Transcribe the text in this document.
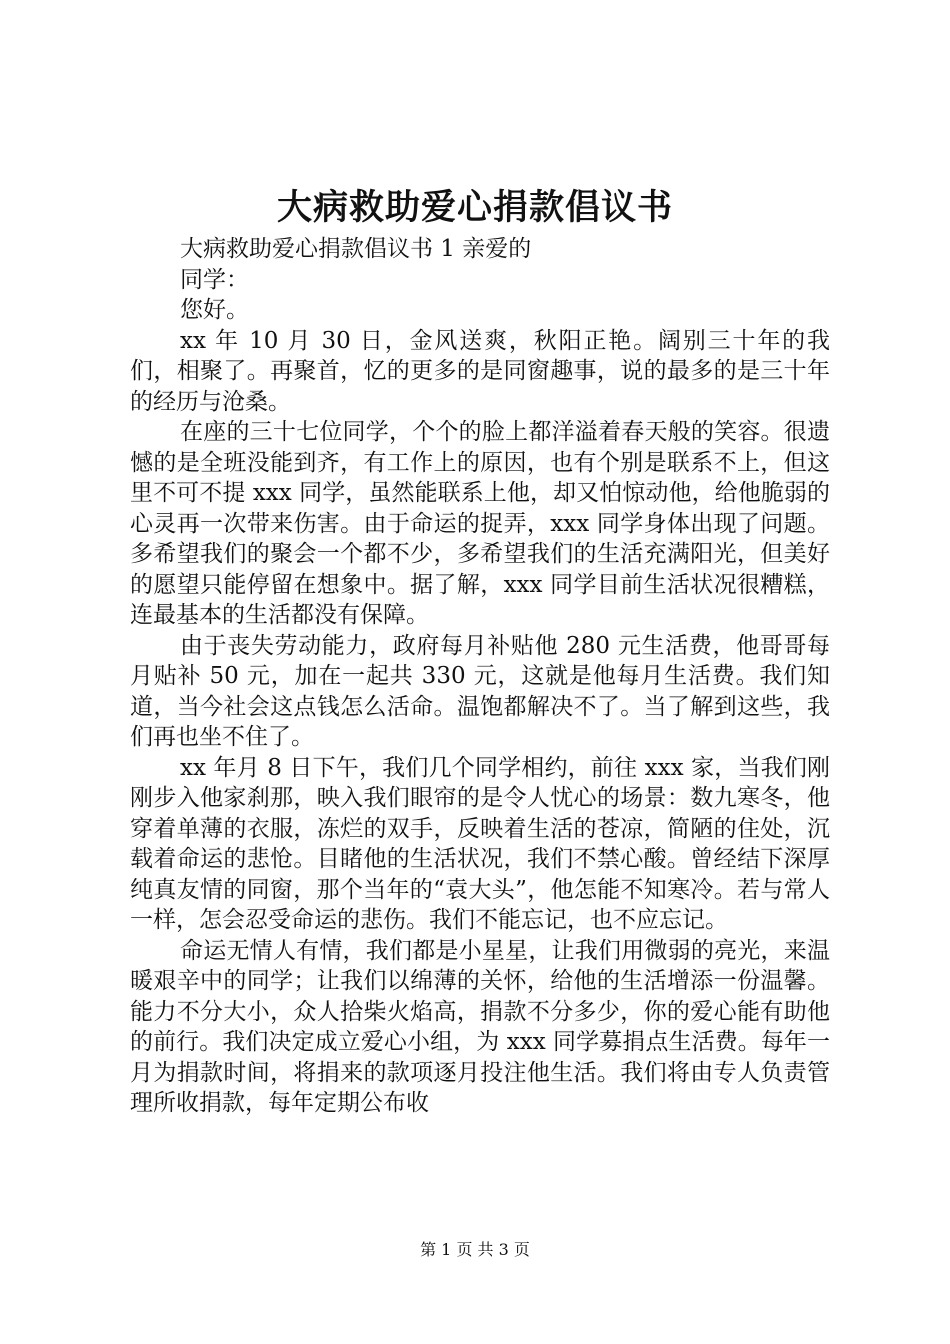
大病救助爱心捐款倡议书

大病救助爱心捐款倡议书 1 亲爱的

同学：

您好。

xx 年 10 月 30 日，金风送爽，秋阳正艳。阔别三十年的我们，相聚了。再聚首，忆的更多的是同窗趣事，说的最多的是三十年的经历与沧桑。

在座的三十七位同学，个个的脸上都洋溢着春天般的笑容。很遗憾的是全班没能到齐，有工作上的原因，也有个别是联系不上，但这里不可不提 xxx 同学，虽然能联系上他，却又怕惊动他，给他脆弱的心灵再一次带来伤害。由于命运的捉弄，xxx 同学身体出现了问题。多希望我们的聚会一个都不少，多希望我们的生活充满阳光，但美好的愿望只能停留在想象中。据了解，xxx 同学目前生活状况很糟糕，连最基本的生活都没有保障。

由于丧失劳动能力，政府每月补贴他 280 元生活费，他哥哥每月贴补 50 元，加在一起共 330 元，这就是他每月生活费。我们知道，当今社会这点钱怎么活命。温饱都解决不了。当了解到这些，我们再也坐不住了。

xx 年月 8 日下午，我们几个同学相约，前往 xxx 家，当我们刚刚步入他家刹那，映入我们眼帘的是令人忧心的场景：数九寒冬，他穿着单薄的衣服，冻烂的双手，反映着生活的苍凉，简陋的住处，沉载着命运的悲怆。目睹他的生活状况，我们不禁心酸。曾经结下深厚纯真友情的同窗，那个当年的“袁大头”，他怎能不知寒冷。若与常人一样，怎会忍受命运的悲伤。我们不能忘记，也不应忘记。

命运无情人有情，我们都是小星星，让我们用微弱的亮光，来温暖艰辛中的同学；让我们以绵薄的关怀，给他的生活增添一份温馨。能力不分大小，众人拾柴火焰高，捐款不分多少，你的爱心能有助他的前行。我们决定成立爱心小组，为 xxx 同学募捐点生活费。每年一月为捐款时间，将捐来的款项逐月投注他生活。我们将由专人负责管理所收捐款，每年定期公布收

第 1 页 共 3 页
